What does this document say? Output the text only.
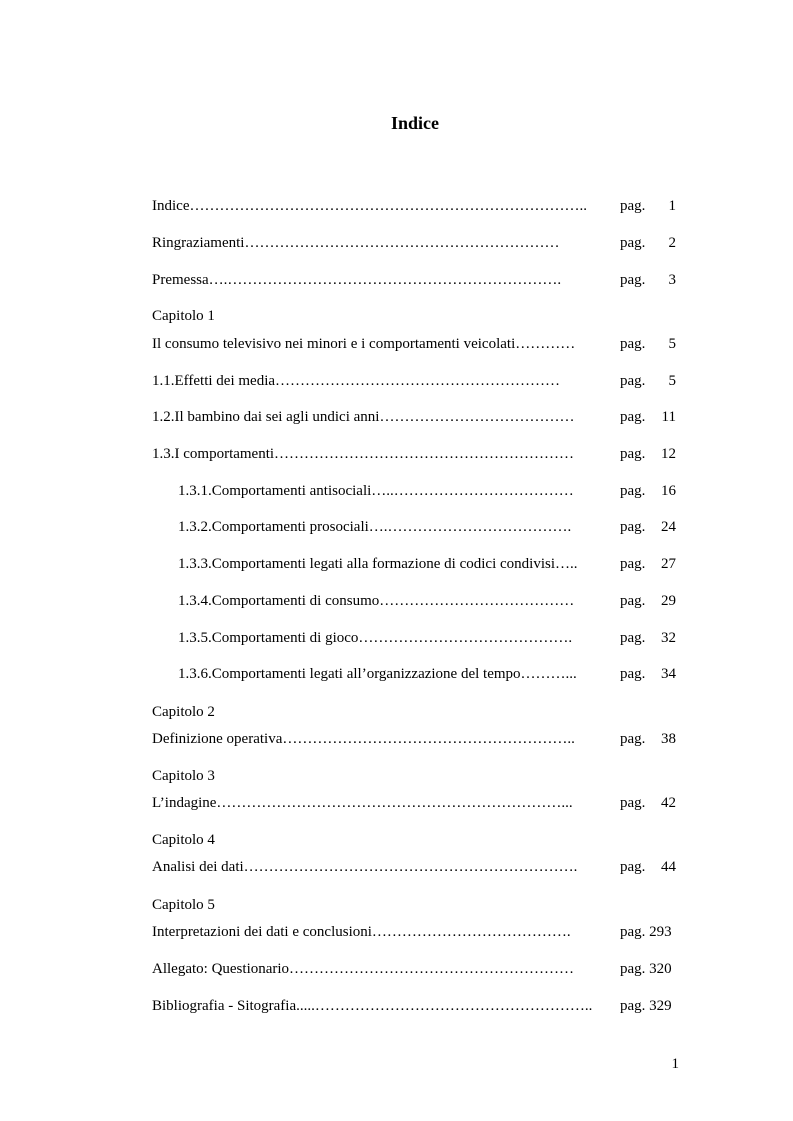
Indice
Indice……………………………………………………………………..	pag. 1
Ringraziamenti………………………………………………………	pag. 2
Premessa….………………………………………………………….	pag. 3
Capitolo 1
Il consumo televisivo nei minori e i comportamenti veicolati…………	pag. 5
1.1.Effetti dei media…………………………………………………	pag. 5
1.2.Il bambino dai sei agli undici anni…………………………………	pag. 11
1.3.I comportamenti……………………………………………………	pag. 12
1.3.1.Comportamenti antisociali…..………………………………	pag. 16
1.3.2.Comportamenti prosociali….……………………………….	pag. 24
1.3.3.Comportamenti legati alla formazione di codici condivisi…..	pag. 27
1.3.4.Comportamenti di consumo…………………………………	pag. 29
1.3.5.Comportamenti di gioco…………………………………….	pag. 32
1.3.6.Comportamenti legati all’organizzazione del tempo………...	pag. 34
Capitolo 2
Definizione operativa…………………………………………………..	pag. 38
Capitolo 3
L’indagine……………………………………………………………...	pag. 42
Capitolo 4
Analisi dei dati………………………………………………………….	pag. 44
Capitolo 5
Interpretazioni dei dati e conclusioni………………………………….	pag. 293
Allegato: Questionario…………………………………………………	pag. 320
Bibliografia - Sitografia.....………………………………………………..	pag. 329
1
